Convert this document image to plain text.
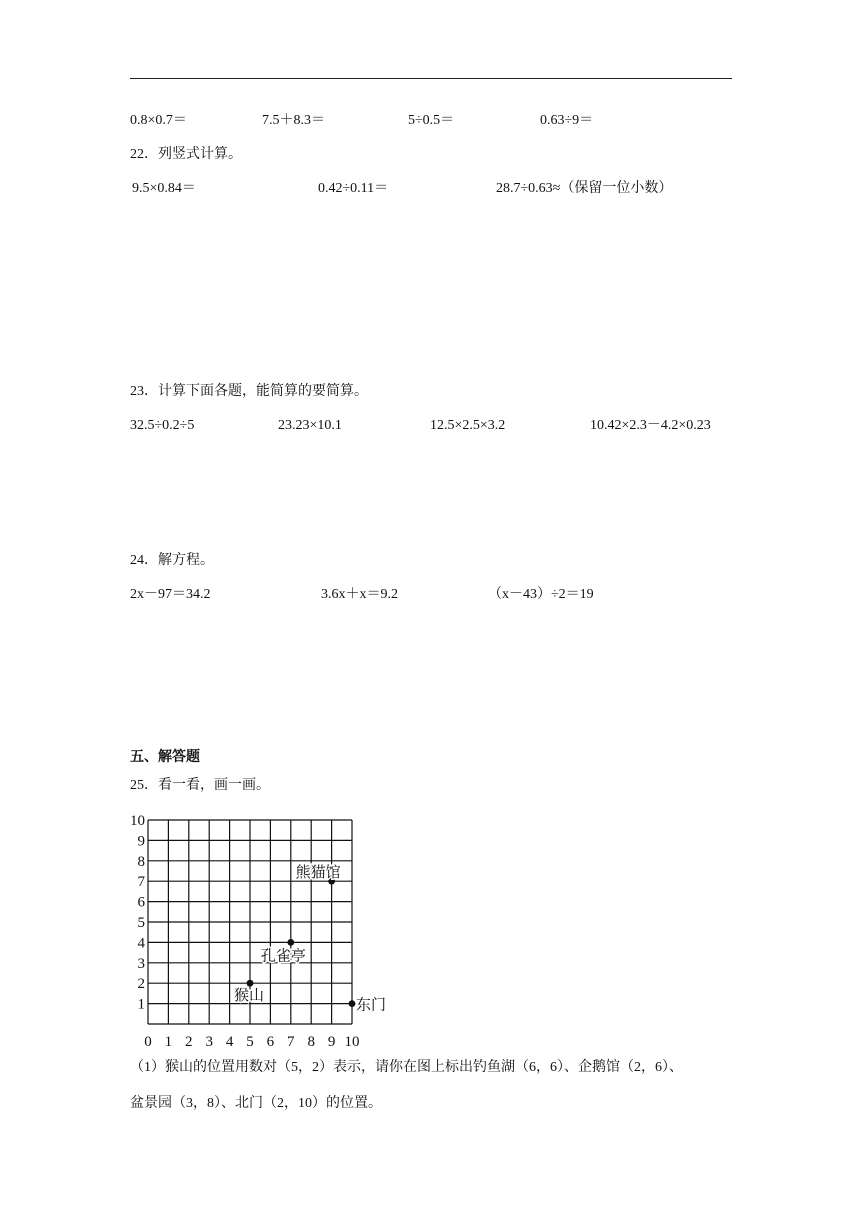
0.8×0.7＝	7.5＋8.3＝	5÷0.5＝	0.63÷9＝
22．列竖式计算。
9.5×0.84＝	0.42÷0.11＝	28.7÷0.63≈（保留一位小数）
23．计算下面各题，能简算的要简算。
32.5÷0.2÷5	23.23×10.1	12.5×2.5×3.2	10.42×2.3－4.2×0.23
24．解方程。
2x－97＝34.2	3.6x＋x＝9.2	（x－43）÷2＝19
五、解答题
25．看一看，画一画。
0 1 2 3 4 5 6 7 8 9 10
1
2
3
4
5
6
7
8
9
10
熊猫馆
孔雀亭
猴山
东门
（1）猴山的位置用数对（5，2）表示，请你在图上标出钓鱼湖（6，6）、企鹅馆（2，6）、
盆景园（3，8）、北门（2，10）的位置。
